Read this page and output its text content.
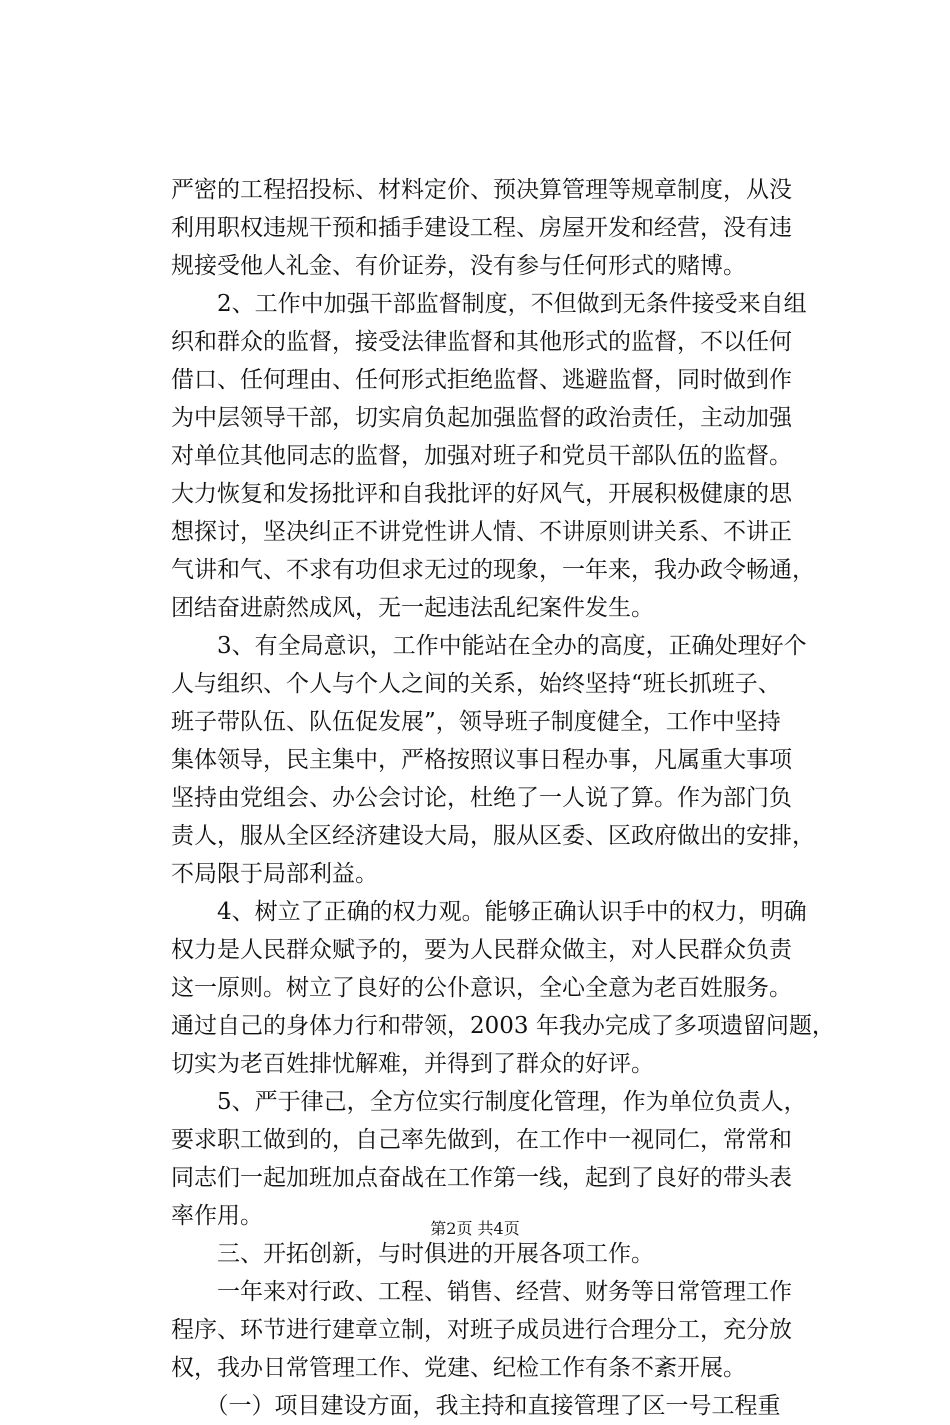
严密的工程招投标、材料定价、预决算管理等规章制度，从没
利用职权违规干预和插手建设工程、房屋开发和经营，没有违
规接受他人礼金、有价证券，没有参与任何形式的赌博。
　　2、工作中加强干部监督制度，不但做到无条件接受来自组
织和群众的监督，接受法律监督和其他形式的监督，不以任何
借口、任何理由、任何形式拒绝监督、逃避监督，同时做到作
为中层领导干部，切实肩负起加强监督的政治责任，主动加强
对单位其他同志的监督，加强对班子和党员干部队伍的监督。
大力恢复和发扬批评和自我批评的好风气，开展积极健康的思
想探讨，坚决纠正不讲党性讲人情、不讲原则讲关系、不讲正
气讲和气、不求有功但求无过的现象，一年来，我办政令畅通，
团结奋进蔚然成风，无一起违法乱纪案件发生。
　　3、有全局意识，工作中能站在全办的高度，正确处理好个
人与组织、个人与个人之间的关系，始终坚持“班长抓班子、
班子带队伍、队伍促发展”，领导班子制度健全，工作中坚持
集体领导，民主集中，严格按照议事日程办事，凡属重大事项
坚持由党组会、办公会讨论，杜绝了一人说了算。作为部门负
责人，服从全区经济建设大局，服从区委、区政府做出的安排，
不局限于局部利益。
　　4、树立了正确的权力观。能够正确认识手中的权力，明确
权力是人民群众赋予的，要为人民群众做主，对人民群众负责
这一原则。树立了良好的公仆意识，全心全意为老百姓服务。
通过自己的身体力行和带领，2003 年我办完成了多项遗留问题，
切实为老百姓排忧解难，并得到了群众的好评。
　　5、严于律己，全方位实行制度化管理，作为单位负责人，
要求职工做到的，自己率先做到，在工作中一视同仁，常常和
同志们一起加班加点奋战在工作第一线，起到了良好的带头表
率作用。
　　三、开拓创新，与时俱进的开展各项工作。
　　一年来对行政、工程、销售、经营、财务等日常管理工作
程序、环节进行建章立制，对班子成员进行合理分工，充分放
权，我办日常管理工作、党建、纪检工作有条不紊开展。
　　（一）项目建设方面，我主持和直接管理了区一号工程重
第2页 共4页
